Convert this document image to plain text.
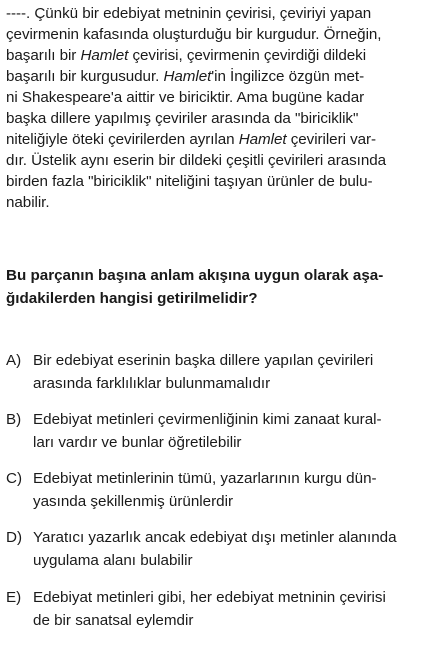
----. Çünkü bir edebiyat metninin çevirisi, çeviriyi yapan
çevirmenin kafasında oluşturduğu bir kurgudur. Örneğin,
başarılı bir Hamlet çevirisi, çevirmenin çevirdiği dildeki
başarılı bir kurgusudur. Hamlet'in İngilizce özgün met-
ni Shakespeare'a aittir ve biriciktir. Ama bugüne kadar
başka dillere yapılmış çeviriler arasında da "biriciklik"
niteliğiyle öteki çevirilerden ayrılan Hamlet çevirileri var-
dır. Üstelik aynı eserin bir dildeki çeşitli çevirileri arasında
birden fazla "biriciklik" niteliğini taşıyan ürünler de bulu-
nabilir.
Bu parçanın başına anlam akışına uygun olarak aşa-
ğıdakilerden hangisi getirilmelidir?
A) Bir edebiyat eserinin başka dillere yapılan çevirileri
arasında farklılıklar bulunmamalıdır
B) Edebiyat metinleri çevirmenliğinin kimi zanaat kural-
ları vardır ve bunlar öğretilebilir
C) Edebiyat metinlerinin tümü, yazarlarının kurgu dün-
yasında şekillenmiş ürünlerdir
D) Yaratıcı yazarlık ancak edebiyat dışı metinler alanında
uygulama alanı bulabilir
E) Edebiyat metinleri gibi, her edebiyat metninin çevirisi
de bir sanatsal eylemdir
